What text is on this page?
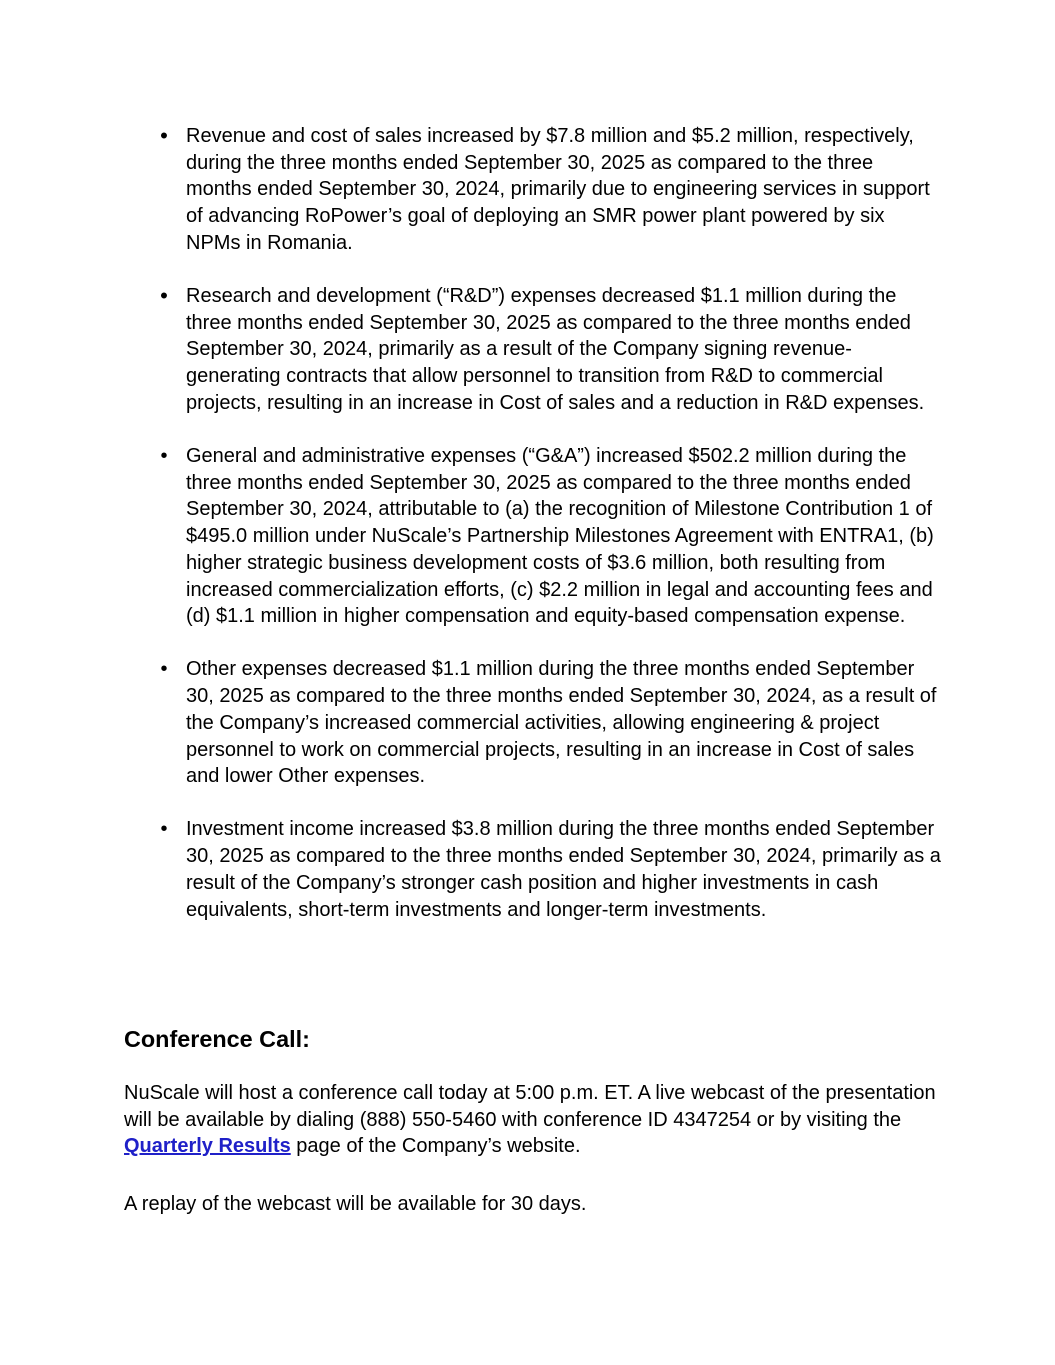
• Revenue and cost of sales increased by $7.8 million and $5.2 million, respectively, during the three months ended September 30, 2025 as compared to the three months ended September 30, 2024, primarily due to engineering services in support of advancing RoPower’s goal of deploying an SMR power plant powered by six NPMs in Romania.
• Research and development (“R&D”) expenses decreased $1.1 million during the three months ended September 30, 2025 as compared to the three months ended September 30, 2024, primarily as a result of the Company signing revenue-generating contracts that allow personnel to transition from R&D to commercial projects, resulting in an increase in Cost of sales and a reduction in R&D expenses.
• General and administrative expenses (“G&A”) increased $502.2 million during the three months ended September 30, 2025 as compared to the three months ended September 30, 2024, attributable to (a) the recognition of Milestone Contribution 1 of $495.0 million under NuScale’s Partnership Milestones Agreement with ENTRA1, (b) higher strategic business development costs of $3.6 million, both resulting from increased commercialization efforts, (c) $2.2 million in legal and accounting fees and (d) $1.1 million in higher compensation and equity-based compensation expense.
• Other expenses decreased $1.1 million during the three months ended September 30, 2025 as compared to the three months ended September 30, 2024, as a result of the Company’s increased commercial activities, allowing engineering & project personnel to work on commercial projects, resulting in an increase in Cost of sales and lower Other expenses.
• Investment income increased $3.8 million during the three months ended September 30, 2025 as compared to the three months ended September 30, 2024, primarily as a result of the Company’s stronger cash position and higher investments in cash equivalents, short-term investments and longer-term investments.
Conference Call:

NuScale will host a conference call today at 5:00 p.m. ET. A live webcast of the presentation will be available by dialing (888) 550-5460 with conference ID 4347254 or by visiting the Quarterly Results page of the Company’s website.

A replay of the webcast will be available for 30 days.
